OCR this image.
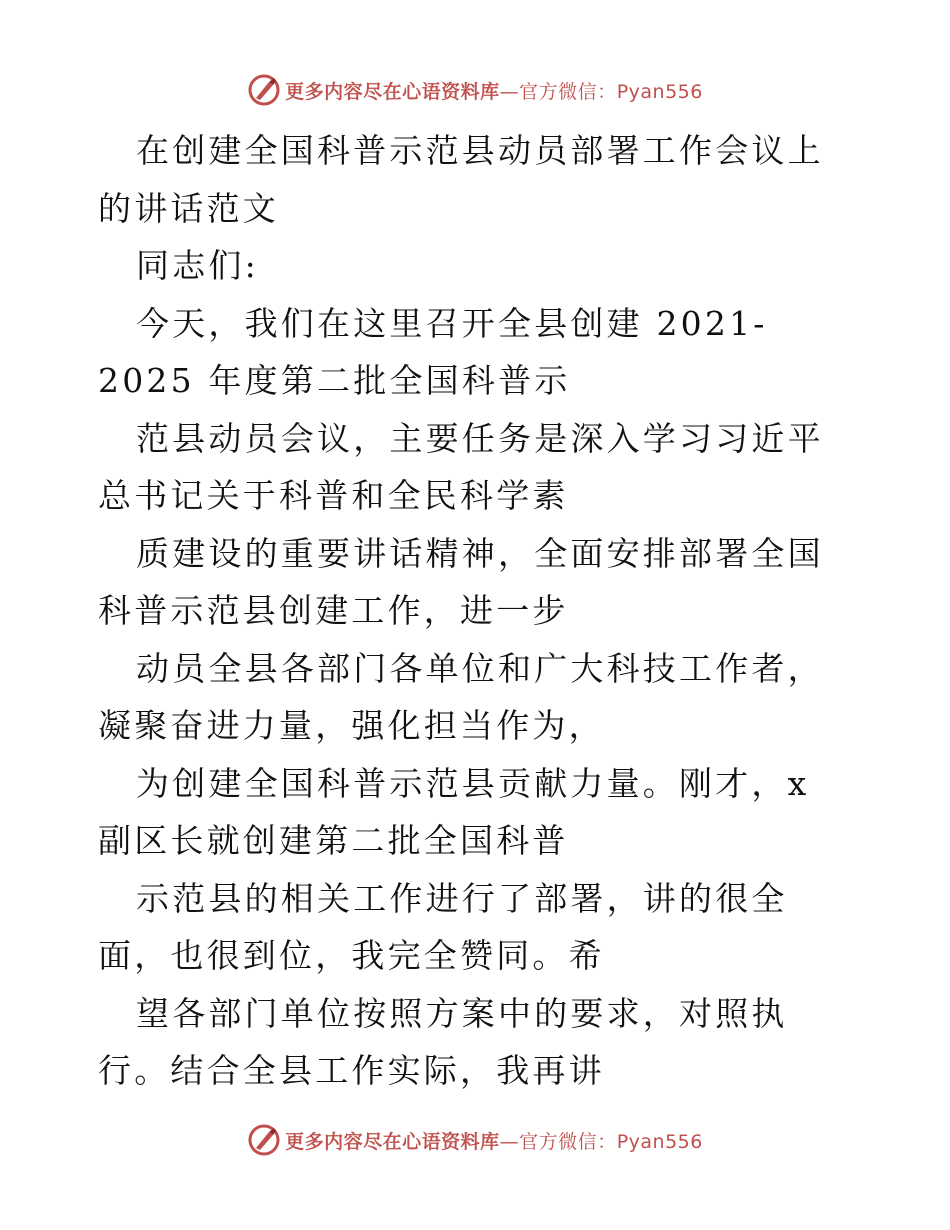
更多内容尽在心语资料库—官方微信：Pyan556

在创建全国科普示范县动员部署工作会议上的讲话范文

同志们:

今天，我们在这里召开全县创建 2021-2025 年度第二批全国科普示

范县动员会议，主要任务是深入学习习近平总书记关于科普和全民科学素

质建设的重要讲话精神，全面安排部署全国科普示范县创建工作，进一步

动员全县各部门各单位和广大科技工作者，凝聚奋进力量，强化担当作为，

为创建全国科普示范县贡献力量。刚才，x 副区长就创建第二批全国科普

示范县的相关工作进行了部署，讲的很全面，也很到位，我完全赞同。希

望各部门单位按照方案中的要求，对照执行。结合全县工作实际，我再讲

更多内容尽在心语资料库—官方微信：Pyan556
